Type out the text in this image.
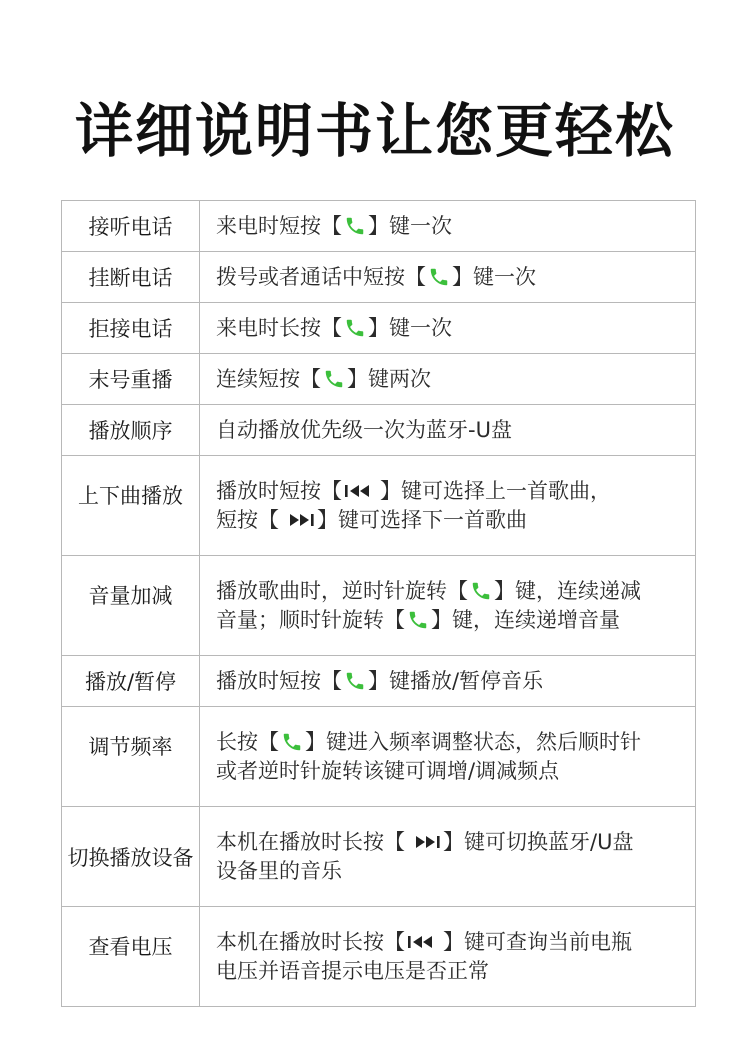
详细说明书让您更轻松
接听电话	来电时短按【 】键一次
挂断电话	拨号或者通话中短按【 】键一次
拒接电话	来电时长按【 】键一次
末号重播	连续短按【 】键两次
播放顺序	自动播放优先级一次为蓝牙-U盘
上下曲播放	播放时短按【 】键可选择上一首歌曲，
短按【 】键可选择下一首歌曲
音量加减	播放歌曲时，逆时针旋转【 】键，连续递减
音量；顺时针旋转【 】键，连续递增音量
播放/暂停	播放时短按【 】键播放/暂停音乐
调节频率	长按【 】键进入频率调整状态，然后顺时针
或者逆时针旋转该键可调增/调减频点
切换播放设备	本机在播放时长按【 】键可切换蓝牙/U盘
设备里的音乐
查看电压	本机在播放时长按【 】键可查询当前电瓶
电压并语音提示电压是否正常
